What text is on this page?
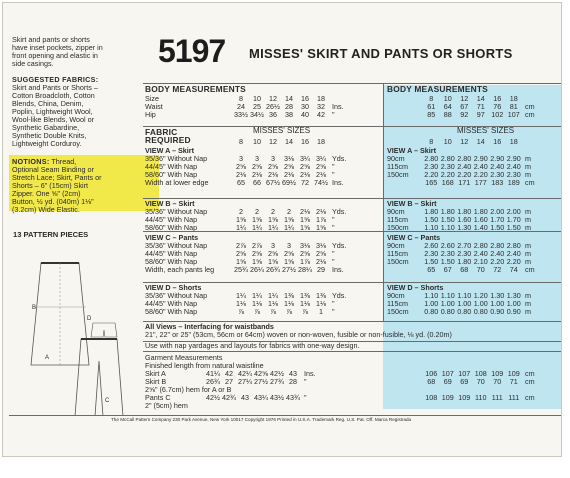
Skirt and pants or shorts
have inset pockets, zipper in
front opening and elastic in
side casings.
SUGGESTED FABRICS:
Skirt and Pants or Shorts –
Cotton Broadcloth, Cotton
Blends, China, Denim,
Poplin, Lightweight Wool,
Wool-like Blends, Wool or
Synthetic Gabardine,
Synthetic Double Knits,
Lightweight Corduroy.
NOTIONS: Thread,
Optional Seam Binding or
Stretch Lace; Skirt, Pants or
Shorts – 6" (15cm) Skirt
Zipper. One ⅝" (2cm)
Button, ½ yd. (040m) 1⅛"
(3.2cm) Wide Elastic.
13 PATTERN PIECES
B
D
A
C
5197 MISSES' SKIRT AND PANTS OR SHORTS
BODY MEASUREMENTS
Size	8	10	12	14	16	18
Waist	24	25 26½ 28	30	32 Ins.
Hip	33½ 34½ 36	38	40	42 "
FABRIC
REQUIRED
MISSES' SIZES
8	10	12	14	16	18
VIEW A – Skirt
35/36" Without Nap	3	3	3	3⅛ 3¼ 3¼ Yds.
44/45" With Nap	2⅝ 2⅝ 2⅝ 2⅝ 2⅝ 2⅝ "
58/60" With Nap	2⅛ 2⅛ 2⅛ 2⅛ 2⅛ 2⅛ "
Width at lower edge	65	66 67½ 69½ 72 74½ Ins.
VIEW B – Skirt
35/36" Without Nap	2	2	2	2	2⅛ 2⅛ Yds.
44/45" With Nap	1⅝ 1⅝ 1⅝ 1⅝ 1⅝ 1⅞ "
58/60" With Nap	1¼ 1¼ 1¼ 1¼ 1⅝ 1⅝ "
VIEW C – Pants
35/36" Without Nap	2⅞ 2⅞	3	3	3⅛ 3⅛ Yds.
44/45" With Nap	2⅝ 2⅝ 2⅝ 2⅝ 2⅝ 2⅝ "
58/60" With Nap	1⅝ 1⅝ 1⅝ 1⅝ 1⅞ 2⅛ "
Width, each pants leg	25¾ 26¼ 26¾ 27½ 28¼ 29 Ins.
VIEW D – Shorts
35/36" Without Nap	1¼ 1¼ 1¼ 1⅜ 1⅜ 1⅜ Yds.
44/45" With Nap	1⅛ 1⅛ 1⅛ 1⅛ 1⅛ 1⅛ "
58/60" With Nap	⅞	⅞	⅞	⅞	⅞	1	"
BODY MEASUREMENTS
8	10	12	14	16	18
61	64	67	71	76	81	cm
85	88	92	97 102 107 cm
MISSES' SIZES
8	10	12	14	16	18
VIEW A – Skirt
90cm	2.80 2.80 2.80 2.90 2.90 2.90 m
115cm	2.30 2.30 2.40 2.40 2.40 2.40 m
150cm	2.20 2.20 2.20 2.20 2.30 2.30 m
165 168 171 177 183 189 cm
VIEW B – Skirt
90cm	1.80 1.80 1.80 1.80 2.00 2.00 m
115cm	1.50 1.50 1.60 1.60 1.70 1.70 m
150cm	1.10 1.10 1.30 1.40 1.50 1.50 m
VIEW C – Pants
90cm	2.60 2.60 2.70 2.80 2.80 2.80 m
115cm	2.30 2.30 2.30 2.40 2.40 2.40 m
150cm	1.50 1.50 1.80 2.10 2.20 2.20 m
65	67	68	70	72	74	cm
VIEW D – Shorts
90cm	1.10 1.10 1.10 1.20 1.30 1.30 m
115cm	1.00 1.00 1.00 1.00 1.00 1.00 m
150cm	0.80 0.80 0.80 0.80 0.90 0.90 m
All Views – Interfacing for waistbands
21", 22" or 25" (53cm, 56cm or 64cm) woven or non-woven, fusible or non-fusible, ⅛ yd. (0.20m)
Use with nap yardages and layouts for fabrics with one-way design.
Garment Measurements
Finished length from natural waistline
Skirt A	41¼ 42 42¼ 42⅝ 42½ 43 Ins.	106 107 107 108 109 109 cm
Skirt B	26¾ 27 27¼ 27½ 27¾ 28 "	68	69	69	70	70	71	cm
2⅝" (6.7cm) hem for A or B
Pants C	42½ 42¾ 43 43¼ 43½ 43¾ "	108 109 109 110 111 111 cm
2" (5cm) hem
The McCall Pattern Company 230 Park Avenue, New York 10017 Copyright 1976 Printed in U.S.A. Trademark Reg. U.S. Pat. Off. Marca Registrada
